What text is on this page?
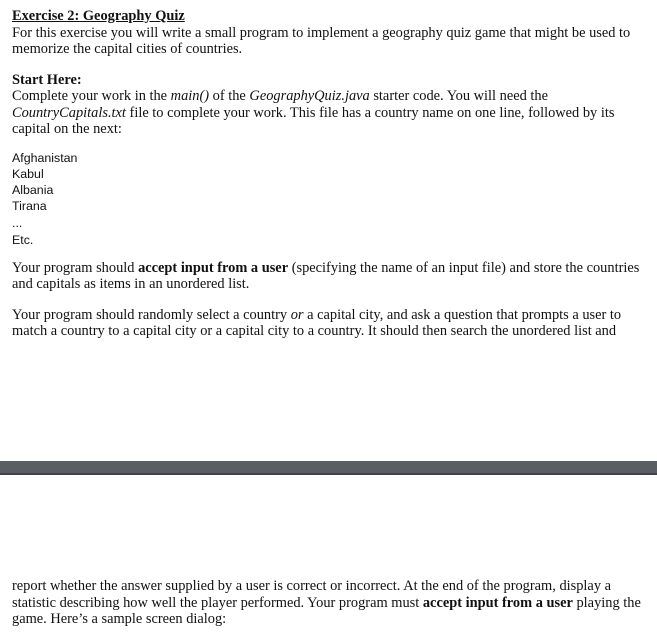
Exercise 2: Geography Quiz
For this exercise you will write a small program to implement a geography quiz game that might be used to memorize the capital cities of countries.

Start Here:
Complete your work in the main() of the GeographyQuiz.java starter code. You will need the CountryCapitals.txt file to complete your work. This file has a country name on one line, followed by its capital on the next:

Afghanistan
Kabul
Albania
Tirana
...
Etc.

Your program should accept input from a user (specifying the name of an input file) and store the countries and capitals as items in an unordered list.

Your program should randomly select a country or a capital city, and ask a question that prompts a user to match a country to a capital city or a capital city to a country. It should then search the unordered list and

report whether the answer supplied by a user is correct or incorrect. At the end of the program, display a statistic describing how well the player performed. Your program must accept input from a user playing the game. Here’s a sample screen dialog:
